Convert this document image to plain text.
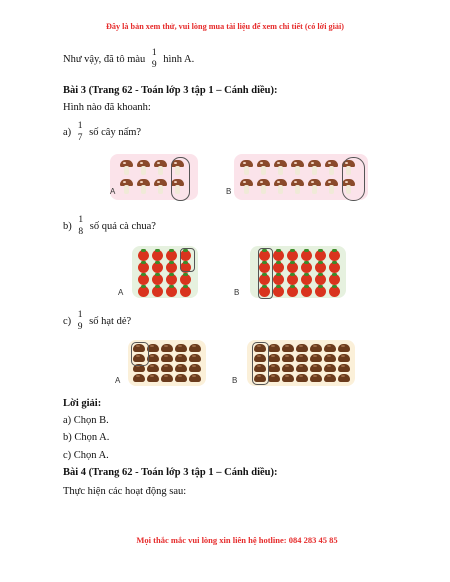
Đây là bản xem thử, vui lòng mua tài liệu để xem chi tiết (có lời giải)
Như vậy, đã tô màu
1
9
hình A.
Bài 3 (Trang 62 - Toán lớp 3 tập 1 – Cánh diều):
Hình nào đã khoanh:
a)
1
7
số cây nấm?
A	B
b)
1
8
số quả cà chua?
A	B
c)
1
9
số hạt dẻ?
A	B
Lời giải:
a) Chọn B.
b) Chọn A.
c) Chọn A.
Bài 4 (Trang 62 - Toán lớp 3 tập 1 – Cánh diều):
Thực hiện các hoạt động sau:
Mọi thắc mắc vui lòng xin liên hệ hotline: 084 283 45 85
